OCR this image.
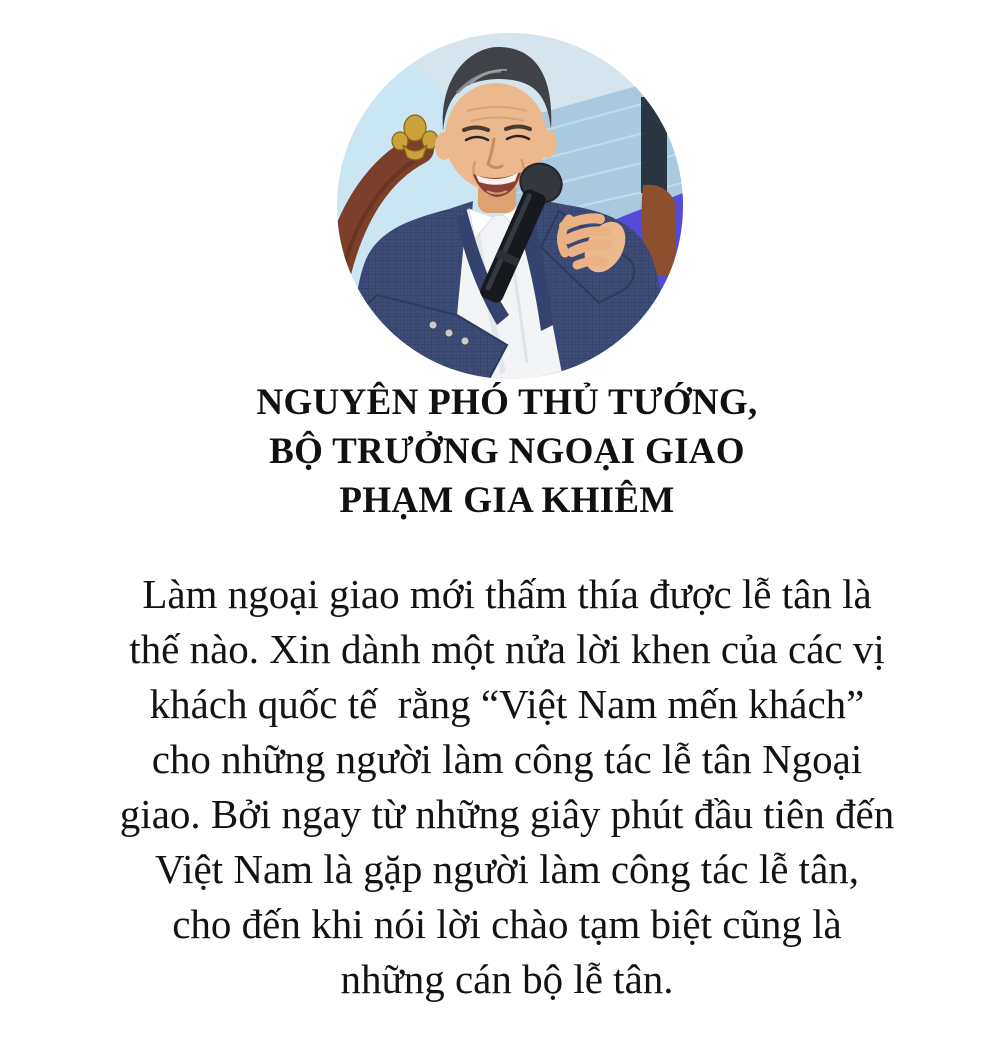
NGUYÊN PHÓ THỦ TƯỚNG,
BỘ TRƯỞNG NGOẠI GIAO
PHẠM GIA KHIÊM
Làm ngoại giao mới thấm thía được lễ tân là
thế nào. Xin dành một nửa lời khen của các vị
khách quốc tế  rằng “Việt Nam mến khách”
cho những người làm công tác lễ tân Ngoại
giao. Bởi ngay từ những giây phút đầu tiên đến
Việt Nam là gặp người làm công tác lễ tân,
cho đến khi nói lời chào tạm biệt cũng là
những cán bộ lễ tân.
